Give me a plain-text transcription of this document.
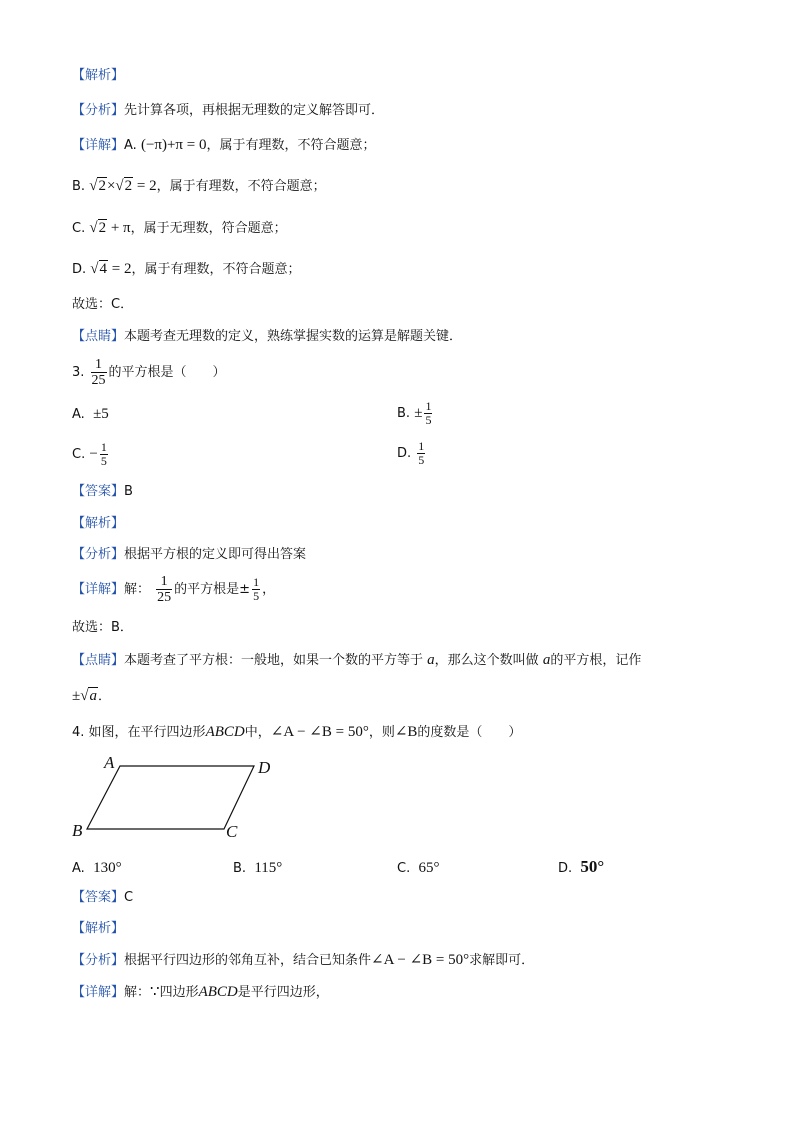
【解析】
【分析】先计算各项，再根据无理数的定义解答即可．
【详解】A. (−π)+π = 0，属于有理数，不符合题意；
B. √2×√2 = 2，属于有理数，不符合题意；
C. √2 + π，属于无理数，符合题意；
D. √4 = 2，属于有理数，不符合题意；
故选：C．
【点睛】本题考查无理数的定义，熟练掌握实数的运算是解题关键．
3. $\frac{1}{25}$ 的平方根是（　　）
A. ±5	B. ± $\frac{1}{5}$
C. − $\frac{1}{5}$	D. $\frac{1}{5}$
【答案】B
【解析】
【分析】根据平方根的定义即可得出答案
【详解】解： $\frac{1}{25}$ 的平方根是± $\frac{1}{5}$ ，
故选：B．
【点睛】本题考查了平方根：一般地，如果一个数的平方等于 a，那么这个数叫做 a的平方根，记作
±√a．
4. 如图，在平行四边形ABCD中，∠A − ∠B = 50°，则∠B的度数是（　　）
A	D
B	C
A. 130°	B. 115°	C. 65°	D. 50°
【答案】C
【解析】
【分析】根据平行四边形的邻角互补，结合已知条件∠A − ∠B = 50°求解即可．
【详解】解：∵四边形ABCD是平行四边形，
